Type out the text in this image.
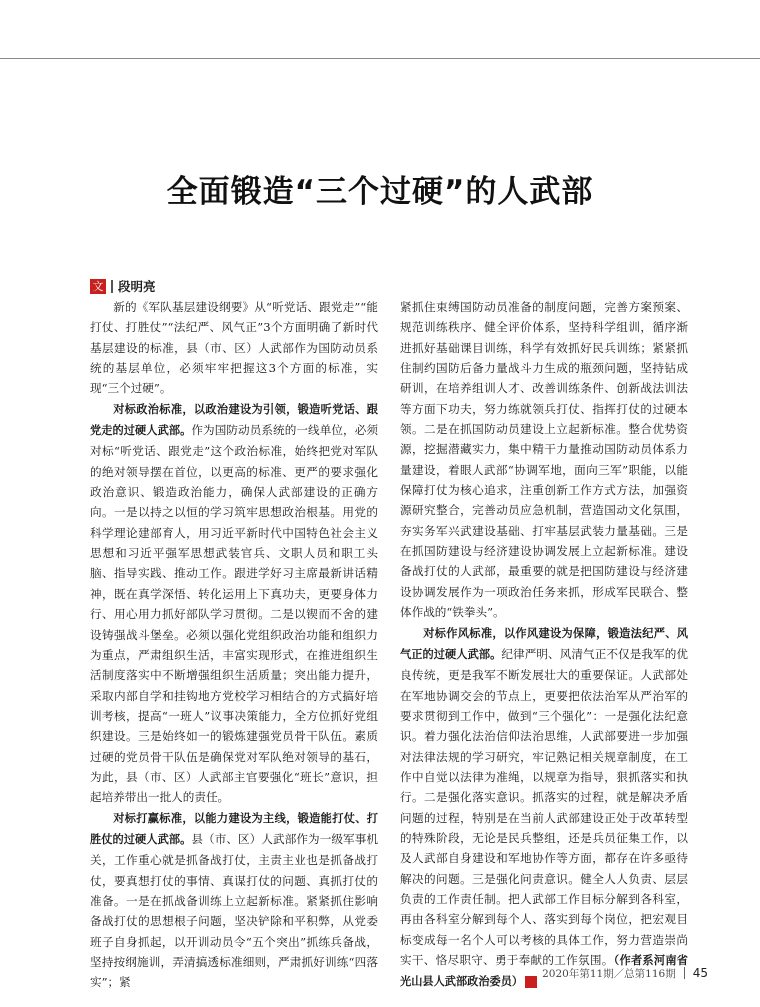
全面锻造“三个过硬”的人武部
文 段明亮

新的《军队基层建设纲要》从“听党话、跟党走”“能打仗、打胜仗”“法纪严、风气正”3个方面明确了新时代基层建设的标准，县（市、区）人武部作为国防动员系统的基层单位，必须牢牢把握这3个方面的标准，实现“三个过硬”。

对标政治标准，以政治建设为引领，锻造听党话、跟党走的过硬人武部。作为国防动员系统的一线单位，必须对标“听党话、跟党走”这个政治标准，始终把党对军队的绝对领导摆在首位，以更高的标准、更严的要求强化政治意识、锻造政治能力，确保人武部建设的正确方向。一是以持之以恒的学习筑牢思想政治根基。用党的科学理论建部育人，用习近平新时代中国特色社会主义思想和习近平强军思想武装官兵、文职人员和职工头脑、指导实践、推动工作。跟进学好习主席最新讲话精神，既在真学深悟、转化运用上下真功夫，更要身体力行、用心用力抓好部队学习贯彻。二是以锲而不舍的建设铸强战斗堡垒。必须以强化党组织政治功能和组织力为重点，严肃组织生活，丰富实现形式，在推进组织生活制度落实中不断增强组织生活质量；突出能力提升，采取内部自学和挂钩地方党校学习相结合的方式搞好培训考核，提高“一班人”议事决策能力，全方位抓好党组织建设。三是始终如一的锻炼建强党员骨干队伍。素质过硬的党员骨干队伍是确保党对军队绝对领导的基石，为此，县（市、区）人武部主官要强化“班长”意识，担起培养带出一批人的责任。

对标打赢标准，以能力建设为主线，锻造能打仗、打胜仗的过硬人武部。县（市、区）人武部作为一级军事机关，工作重心就是抓备战打仗，主责主业也是抓备战打仗，要真想打仗的事情、真谋打仗的问题、真抓打仗的准备。一是在抓战备训练上立起新标准。紧紧抓住影响备战打仗的思想根子问题，坚决铲除和平积弊，从党委班子自身抓起，以开训动员令“五个突出”抓练兵备战，坚持按纲施训，弄清搞透标准细则，严肃抓好训练“四落实”；紧

紧抓住束缚国防动员准备的制度问题，完善方案预案、规范训练秩序、健全评价体系，坚持科学组训，循序渐进抓好基础课目训练，科学有效抓好民兵训练；紧紧抓住制约国防后备力量战斗力生成的瓶颈问题，坚持钻成研训，在培养组训人才、改善训练条件、创新战法训法等方面下功夫，努力练就领兵打仗、指挥打仗的过硬本领。二是在抓国防动员建设上立起新标准。整合优势资源，挖掘潜藏实力，集中精干力量推动国防动员体系力量建设，着眼人武部“协调军地，面向三军”职能，以能保障打仗为核心追求，注重创新工作方式方法，加强资源研究整合，完善动员应急机制，营造国动文化氛围，夯实务军兴武建设基础、打牢基层武装力量基础。三是在抓国防建设与经济建设协调发展上立起新标准。建设备战打仗的人武部，最重要的就是把国防建设与经济建设协调发展作为一项政治任务来抓，形成军民联合、整体作战的“铁拳头”。

对标作风标准，以作风建设为保障，锻造法纪严、风气正的过硬人武部。纪律严明、风清气正不仅是我军的优良传统，更是我军不断发展壮大的重要保证。人武部处在军地协调交会的节点上，更要把依法治军从严治军的要求贯彻到工作中，做到“三个强化”：一是强化法纪意识。着力强化法治信仰法治思维，人武部要进一步加强对法律法规的学习研究，牢记熟记相关规章制度，在工作中自觉以法律为准绳，以规章为指导，狠抓落实和执行。二是强化落实意识。抓落实的过程，就是解决矛盾问题的过程，特别是在当前人武部建设正处于改革转型的特殊阶段，无论是民兵整组，还是兵员征集工作，以及人武部自身建设和军地协作等方面，都存在许多亟待解决的问题。三是强化问责意识。健全人人负责、层层负责的工作责任制。把人武部工作目标分解到各科室，再由各科室分解到每个人、落实到每个岗位，把宏观目标变成每一名个人可以考核的具体工作，努力营造崇尚实干、恪尽职守、勇于奉献的工作氛围。（作者系河南省光山县人武部政治委员）	G

2020年第11期／总第116期 45
